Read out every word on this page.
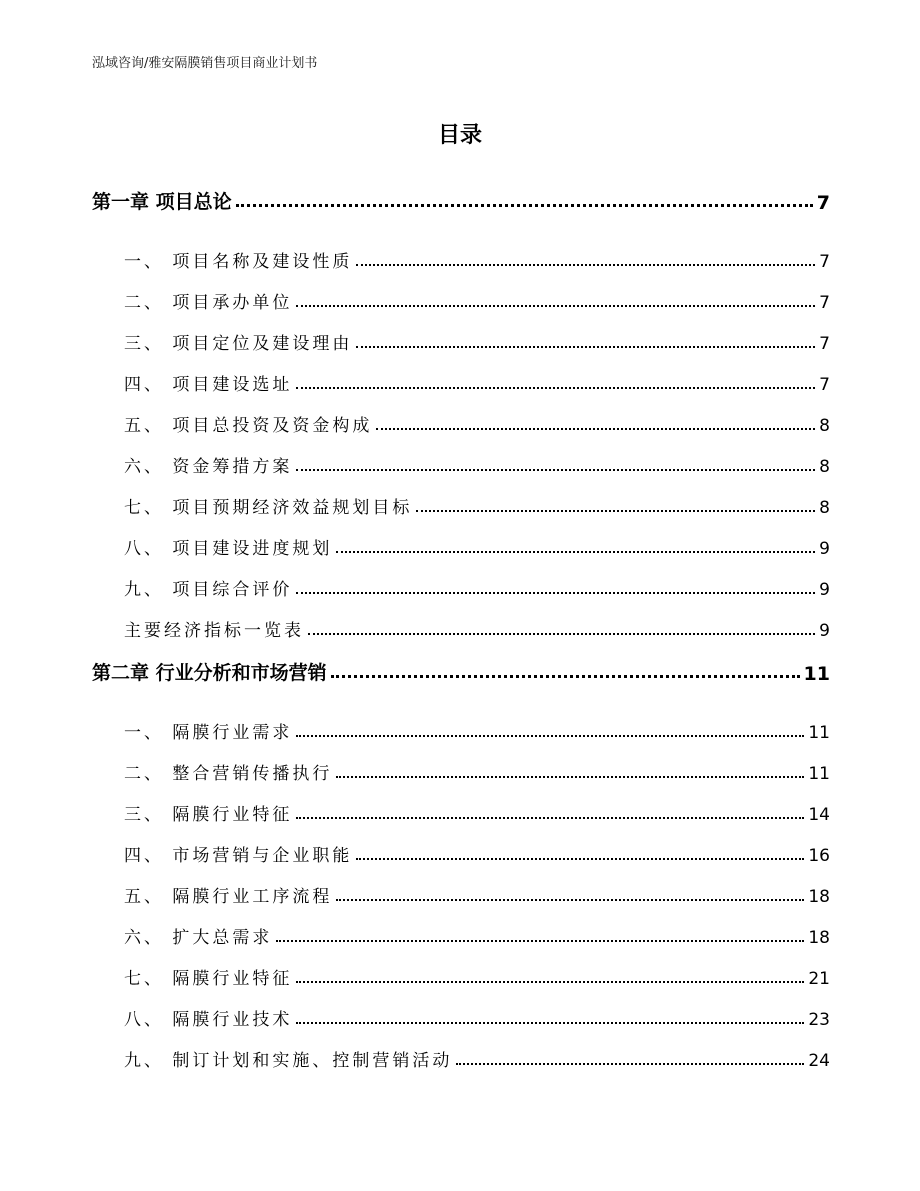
泓域咨询/雅安隔膜销售项目商业计划书
目录
第一章 项目总论	7
一、 项目名称及建设性质	7
二、 项目承办单位	7
三、 项目定位及建设理由	7
四、 项目建设选址	7
五、 项目总投资及资金构成	8
六、 资金筹措方案	8
七、 项目预期经济效益规划目标	8
八、 项目建设进度规划	9
九、 项目综合评价	9
主要经济指标一览表	9
第二章 行业分析和市场营销	11
一、 隔膜行业需求	11
二、 整合营销传播执行	11
三、 隔膜行业特征	14
四、 市场营销与企业职能	16
五、 隔膜行业工序流程	18
六、 扩大总需求	18
七、 隔膜行业特征	21
八、 隔膜行业技术	23
九、 制订计划和实施、控制营销活动	24
